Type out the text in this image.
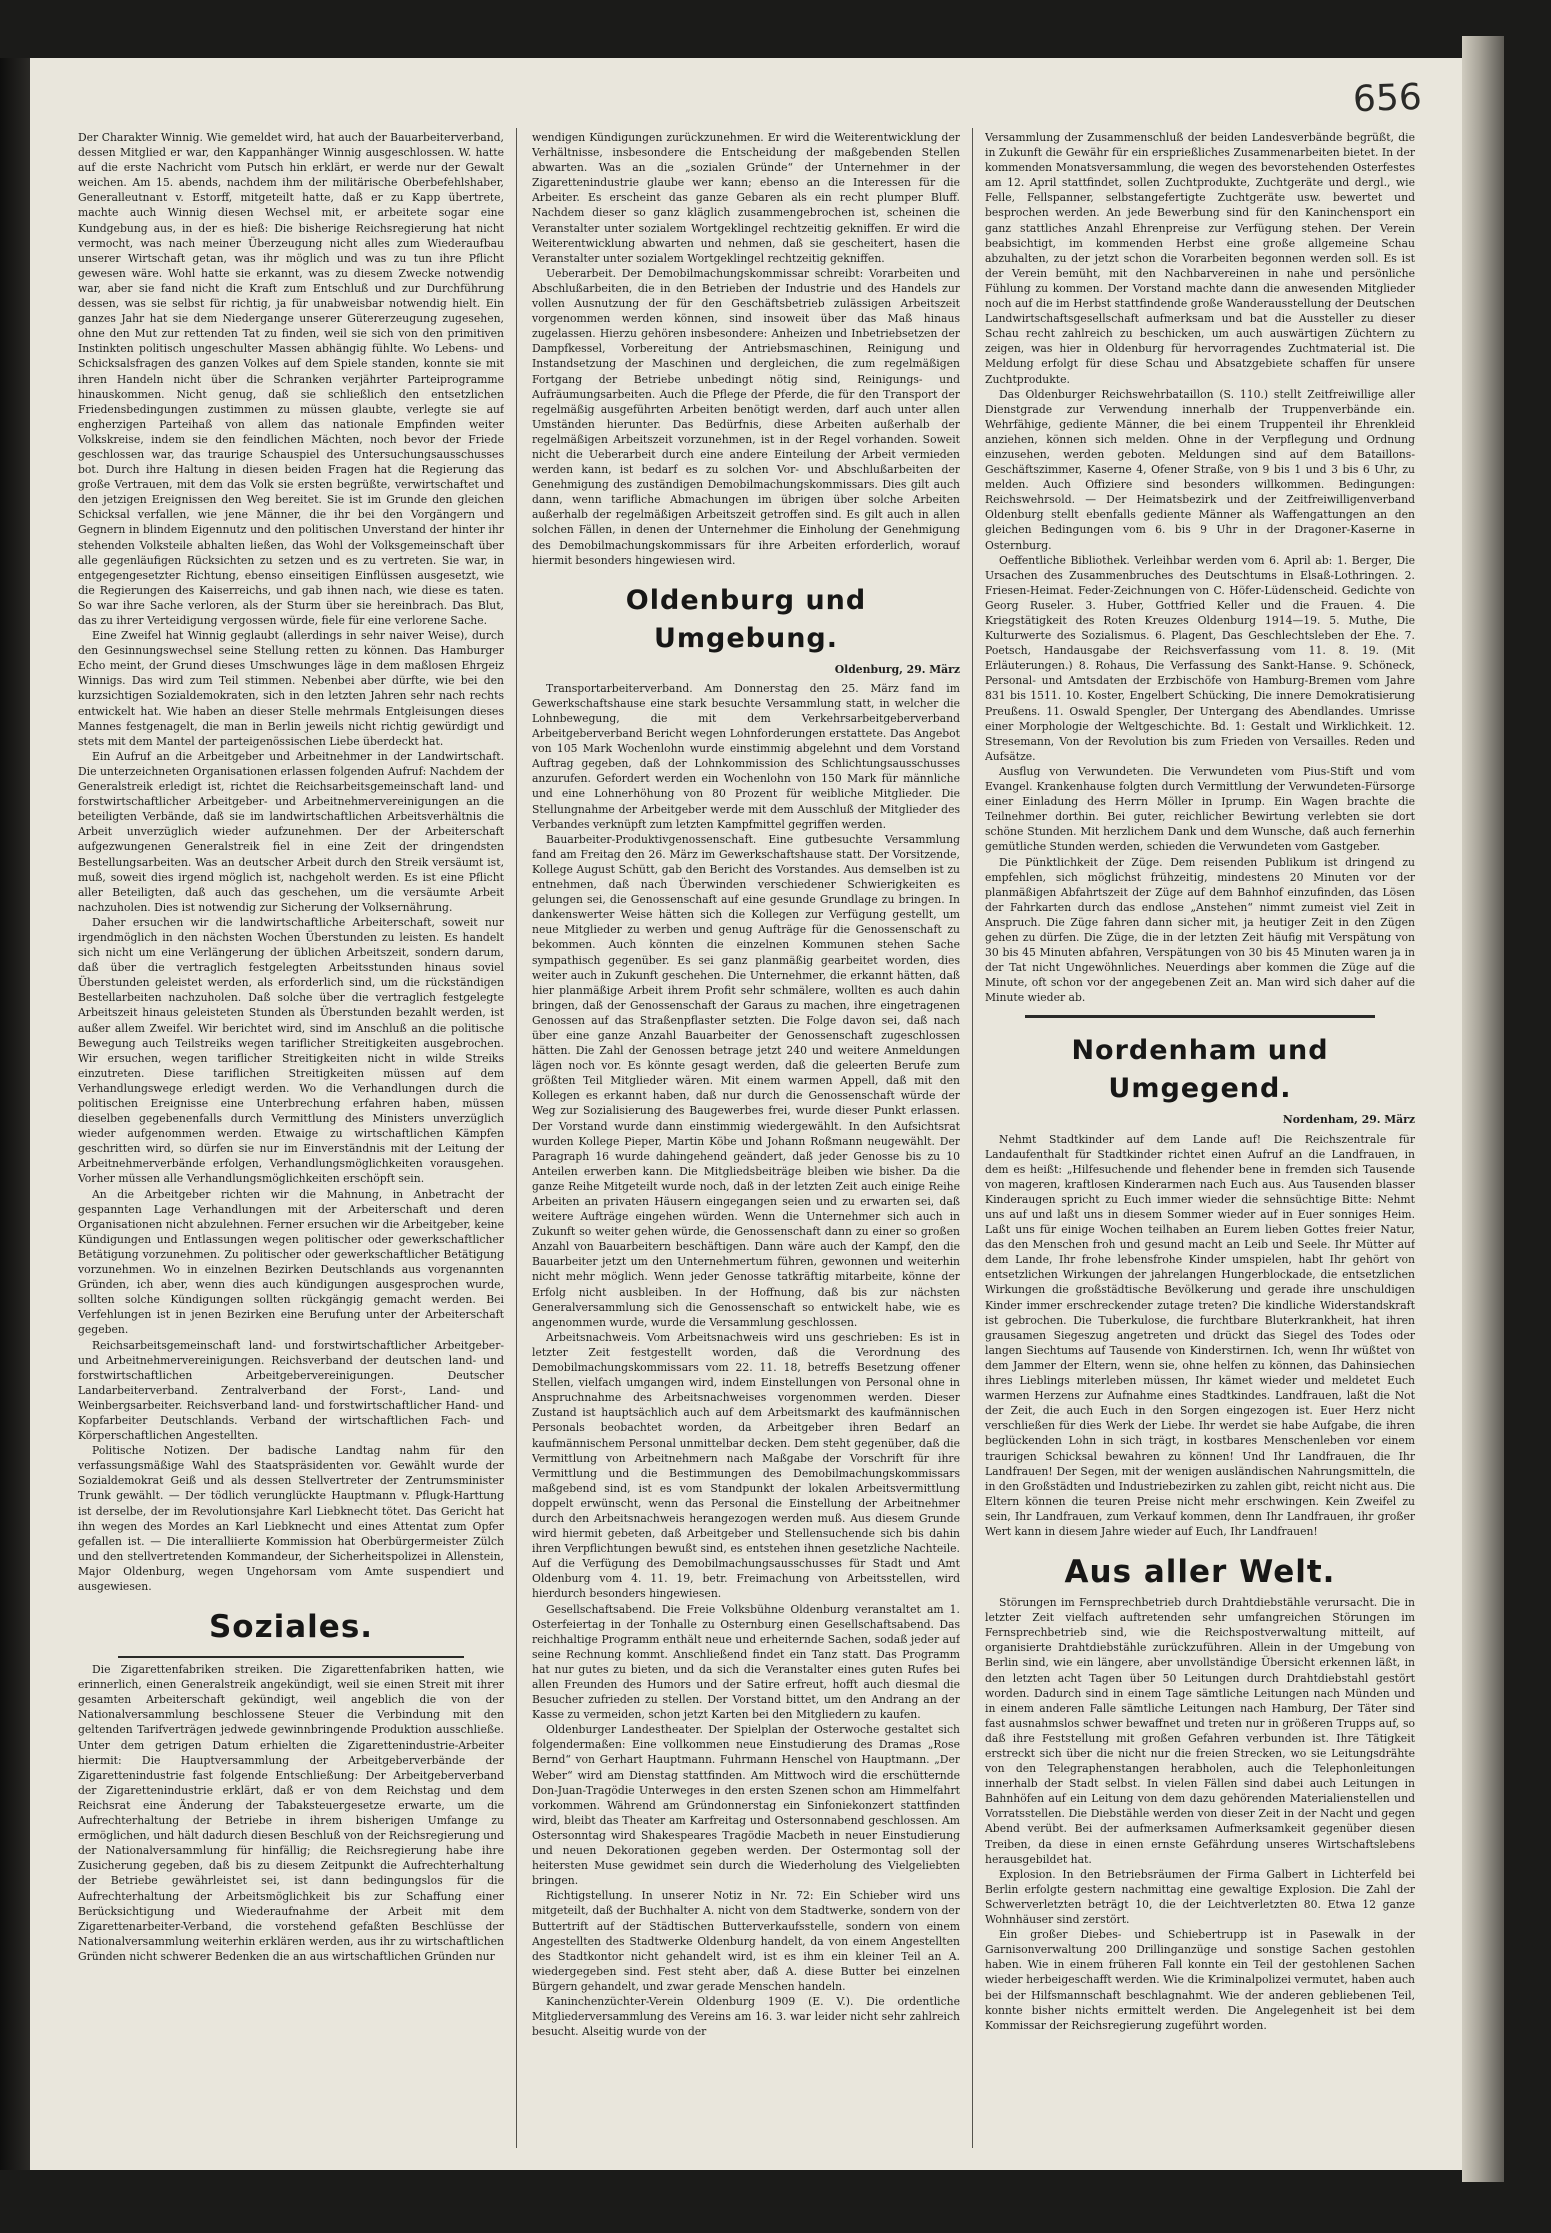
656

Der Charakter Winnig. Wie gemeldet wird, hat auch der Bauarbeiterverband, dessen Mitglied er war, den Kappanhänger Winnig ausgeschlossen. W. hatte auf die erste Nachricht vom Putsch hin erklärt, er werde nur der Gewalt weichen. Am 15. abends, nachdem ihm der militärische Oberbefehlshaber, Generalleutnant v. Estorff, mitgeteilt hatte, daß er zu Kapp übertrete, machte auch Winnig diesen Wechsel mit, er arbeitete sogar eine Kundgebung aus, in der es hieß: Die bisherige Reichsregierung hat nicht vermocht, was nach meiner Überzeugung nicht alles zum Wiederaufbau unserer Wirtschaft getan, was ihr möglich und was zu tun ihre Pflicht gewesen wäre. Wohl hatte sie erkannt, was zu diesem Zwecke notwendig war, aber sie fand nicht die Kraft zum Entschluß und zur Durchführung dessen, was sie selbst für richtig, ja für unabweisbar notwendig hielt. Ein ganzes Jahr hat sie dem Niedergange unserer Gütererzeugung zugesehen, ohne den Mut zur rettenden Tat zu finden, weil sie sich von den primitiven Instinkten politisch ungeschulter Massen abhängig fühlte. Wo Lebens- und Schicksalsfragen des ganzen Volkes auf dem Spiele standen, konnte sie mit ihren Handeln nicht über die Schranken verjährter Parteiprogramme hinauskommen. Nicht genug, daß sie schließlich den entsetzlichen Friedensbedingungen zustimmen zu müssen glaubte, verlegte sie auf engherzigen Parteihaß von allem das nationale Empfinden weiter Volkskreise, indem sie den feindlichen Mächten, noch bevor der Friede geschlossen war, das traurige Schauspiel des Untersuchungsausschusses bot. Durch ihre Haltung in diesen beiden Fragen hat die Regierung das große Vertrauen, mit dem das Volk sie ersten begrüßte, verwirtschaftet und den jetzigen Ereignissen den Weg bereitet. Sie ist im Grunde den gleichen Schicksal verfallen, wie jene Männer, die ihr bei den Vorgängern und Gegnern in blindem Eigennutz und den politischen Unverstand der hinter ihr stehenden Volksteile abhalten ließen, das Wohl der Volksgemeinschaft über alle gegenläufigen Rücksichten zu setzen und es zu vertreten. Sie war, in entgegengesetzter Richtung, ebenso einseitigen Einflüssen ausgesetzt, wie die Regierungen des Kaiserreichs, und gab ihnen nach, wie diese es taten. So war ihre Sache verloren, als der Sturm über sie hereinbrach. Das Blut, das zu ihrer Verteidigung vergossen würde, fiele für eine verlorene Sache.

Eine Zweifel hat Winnig geglaubt (allerdings in sehr naiver Weise), durch den Gesinnungswechsel seine Stellung retten zu können. Das Hamburger Echo meint, der Grund dieses Umschwunges läge in dem maßlosen Ehrgeiz Winnigs. Das wird zum Teil stimmen. Nebenbei aber dürfte, wie bei den kurzsichtigen Sozialdemokraten, sich in den letzten Jahren sehr nach rechts entwickelt hat. Wie haben an dieser Stelle mehrmals Entgleisungen dieses Mannes festgenagelt, die man in Berlin jeweils nicht richtig gewürdigt und stets mit dem Mantel der parteigenössischen Liebe überdeckt hat.

Ein Aufruf an die Arbeitgeber und Arbeitnehmer in der Landwirtschaft. Die unterzeichneten Organisationen erlassen folgenden Aufruf: Nachdem der Generalstreik erledigt ist, richtet die Reichsarbeitsgemeinschaft land- und forstwirtschaftlicher Arbeitgeber- und Arbeitnehmervereinigungen an die beteiligten Verbände, daß sie im landwirtschaftlichen Arbeitsverhältnis die Arbeit unverzüglich wieder aufzunehmen. Der der Arbeiterschaft aufgezwungenen Generalstreik fiel in eine Zeit der dringendsten Bestellungsarbeiten. Was an deutscher Arbeit durch den Streik versäumt ist, muß, soweit dies irgend möglich ist, nachgeholt werden. Es ist eine Pflicht aller Beteiligten, daß auch das geschehen, um die versäumte Arbeit nachzuholen. Dies ist notwendig zur Sicherung der Volksernährung.

Daher ersuchen wir die landwirtschaftliche Arbeiterschaft, soweit nur irgendmöglich in den nächsten Wochen Überstunden zu leisten. Es handelt sich nicht um eine Verlängerung der üblichen Arbeitszeit, sondern darum, daß über die vertraglich festgelegten Arbeitsstunden hinaus soviel Überstunden geleistet werden, als erforderlich sind, um die rückständigen Bestellarbeiten nachzuholen. Daß solche über die vertraglich festgelegte Arbeitszeit hinaus geleisteten Stunden als Überstunden bezahlt werden, ist außer allem Zweifel. Wir berichtet wird, sind im Anschluß an die politische Bewegung auch Teilstreiks wegen tariflicher Streitigkeiten ausgebrochen. Wir ersuchen, wegen tariflicher Streitigkeiten nicht in wilde Streiks einzutreten. Diese tariflichen Streitigkeiten müssen auf dem Verhandlungswege erledigt werden. Wo die Verhandlungen durch die politischen Ereignisse eine Unterbrechung erfahren haben, müssen dieselben gegebenenfalls durch Vermittlung des Ministers unverzüglich wieder aufgenommen werden. Etwaige zu wirtschaftlichen Kämpfen geschritten wird, so dürfen sie nur im Einverständnis mit der Leitung der Arbeitnehmerverbände erfolgen, Verhandlungsmöglichkeiten vorausgehen. Vorher müssen alle Verhandlungsmöglichkeiten erschöpft sein.

An die Arbeitgeber richten wir die Mahnung, in Anbetracht der gespannten Lage Verhandlungen mit der Arbeiterschaft und deren Organisationen nicht abzulehnen. Ferner ersuchen wir die Arbeitgeber, keine Kündigungen und Entlassungen wegen politischer oder gewerkschaftlicher Betätigung vorzunehmen. Zu politischer oder gewerkschaftlicher Betätigung vorzunehmen. Wo in einzelnen Bezirken Deutschlands aus vorgenannten Gründen, ich aber, wenn dies auch kündigungen ausgesprochen wurde, sollten solche Kündigungen sollten rückgängig gemacht werden. Bei Verfehlungen ist in jenen Bezirken eine Berufung unter der Arbeiterschaft gegeben.

Reichsarbeitsgemeinschaft land- und forstwirtschaftlicher Arbeitgeber- und Arbeitnehmervereinigungen. Reichsverband der deutschen land- und forstwirtschaftlichen Arbeitgebervereinigungen. Deutscher Landarbeiterverband. Zentralverband der Forst-, Land- und Weinbergsarbeiter. Reichsverband land- und forstwirtschaftlicher Hand- und Kopfarbeiter Deutschlands. Verband der wirtschaftlichen Fach- und Körperschaftlichen Angestellten.

Politische Notizen. Der badische Landtag nahm für den verfassungsmäßige Wahl des Staatspräsidenten vor. Gewählt wurde der Sozialdemokrat Geiß und als dessen Stellvertreter der Zentrumsminister Trunk gewählt. — Der tödlich verunglückte Hauptmann v. Pflugk-Harttung ist derselbe, der im Revolutionsjahre Karl Liebknecht tötet. Das Gericht hat ihn wegen des Mordes an Karl Liebknecht und eines Attentat zum Opfer gefallen ist. — Die interalliierte Kommission hat Oberbürgermeister Zülch und den stellvertretenden Kommandeur, der Sicherheitspolizei in Allenstein, Major Oldenburg, wegen Ungehorsam vom Amte suspendiert und ausgewiesen.

Soziales.

Die Zigarettenfabriken streiken. Die Zigarettenfabriken hatten, wie erinnerlich, einen Generalstreik angekündigt, weil sie einen Streit mit ihrer gesamten Arbeiterschaft gekündigt, weil angeblich die von der Nationalversammlung beschlossene Steuer die Verbindung mit den geltenden Tarifverträgen jedwede gewinnbringende Produktion ausschließe. Unter dem getrigen Datum erhielten die Zigarettenindustrie-Arbeiter hiermit: Die Hauptversammlung der Arbeitgeberverbände der Zigarettenindustrie fast folgende Entschließung: Der Arbeitgeberverband der Zigarettenindustrie erklärt, daß er von dem Reichstag und dem Reichsrat eine Änderung der Tabaksteuergesetze erwarte, um die Aufrechterhaltung der Betriebe in ihrem bisherigen Umfange zu ermöglichen, und hält dadurch diesen Beschluß von der Reichsregierung und der Nationalversammlung für hinfällig; die Reichsregierung habe ihre Zusicherung gegeben, daß bis zu diesem Zeitpunkt die Aufrechterhaltung der Betriebe gewährleistet sei, ist dann bedingungslos für die Aufrechterhaltung der Arbeitsmöglichkeit bis zur Schaffung einer Berücksichtigung und Wiederaufnahme der Arbeit mit dem Zigarettenarbeiter-Verband, die vorstehend gefaßten Beschlüsse der Nationalversammlung weiterhin erklären werden, aus ihr zu wirtschaftlichen Gründen nicht schwerer Bedenken die an aus wirtschaftlichen Gründen nur

wendigen Kündigungen zurückzunehmen. Er wird die Weiterentwicklung der Verhältnisse, insbesondere die Entscheidung der maßgebenden Stellen abwarten. Was an die „sozialen Gründe“ der Unternehmer in der Zigarettenindustrie glaube wer kann; ebenso an die Interessen für die Arbeiter. Es erscheint das ganze Gebaren als ein recht plumper Bluff. Nachdem dieser so ganz kläglich zusammengebrochen ist, scheinen die Veranstalter unter sozialem Wortgeklingel rechtzeitig gekniffen. Er wird die Weiterentwicklung abwarten und nehmen, daß sie gescheitert, hasen die Veranstalter unter sozialem Wortgeklingel rechtzeitig gekniffen.

Ueberarbeit. Der Demobilmachungskommissar schreibt: Vorarbeiten und Abschlußarbeiten, die in den Betrieben der Industrie und des Handels zur vollen Ausnutzung der für den Geschäftsbetrieb zulässigen Arbeitszeit vorgenommen werden können, sind insoweit über das Maß hinaus zugelassen. Hierzu gehören insbesondere: Anheizen und Inbetriebsetzen der Dampfkessel, Vorbereitung der Antriebsmaschinen, Reinigung und Instandsetzung der Maschinen und dergleichen, die zum regelmäßigen Fortgang der Betriebe unbedingt nötig sind, Reinigungs- und Aufräumungsarbeiten. Auch die Pflege der Pferde, die für den Transport der regelmäßig ausgeführten Arbeiten benötigt werden, darf auch unter allen Umständen hierunter. Das Bedürfnis, diese Arbeiten außerhalb der regelmäßigen Arbeitszeit vorzunehmen, ist in der Regel vorhanden. Soweit nicht die Ueberarbeit durch eine andere Einteilung der Arbeit vermieden werden kann, ist bedarf es zu solchen Vor- und Abschlußarbeiten der Genehmigung des zuständigen Demobilmachungskommissars. Dies gilt auch dann, wenn tarifliche Abmachungen im übrigen über solche Arbeiten außerhalb der regelmäßigen Arbeitszeit getroffen sind. Es gilt auch in allen solchen Fällen, in denen der Unternehmer die Einholung der Genehmigung des Demobilmachungskommissars für ihre Arbeiten erforderlich, worauf hiermit besonders hingewiesen wird.

Oldenburg und Umgebung.
Oldenburg, 29. März

Transportarbeiterverband. Am Donnerstag den 25. März fand im Gewerkschaftshause eine stark besuchte Versammlung statt, in welcher die Lohnbewegung, die mit dem Verkehrsarbeitgeberverband Arbeitgeberverband Bericht wegen Lohnforderungen erstattete. Das Angebot von 105 Mark Wochenlohn wurde einstimmig abgelehnt und dem Vorstand Auftrag gegeben, daß der Lohnkommission des Schlichtungsausschusses anzurufen. Gefordert werden ein Wochenlohn von 150 Mark für männliche und eine Lohnerhöhung von 80 Prozent für weibliche Mitglieder. Die Stellungnahme der Arbeitgeber werde mit dem Ausschluß der Mitglieder des Verbandes verknüpft zum letzten Kampfmittel gegriffen werden.

Bauarbeiter-Produktivgenossenschaft. Eine gutbesuchte Versammlung fand am Freitag den 26. März im Gewerkschaftshause statt. Der Vorsitzende, Kollege August Schütt, gab den Bericht des Vorstandes. Aus demselben ist zu entnehmen, daß nach Überwinden verschiedener Schwierigkeiten es gelungen sei, die Genossenschaft auf eine gesunde Grundlage zu bringen. In dankenswerter Weise hätten sich die Kollegen zur Verfügung gestellt, um neue Mitglieder zu werben und genug Aufträge für die Genossenschaft zu bekommen. Auch könnten die einzelnen Kommunen stehen Sache sympathisch gegenüber. Es sei ganz planmäßig gearbeitet worden, dies weiter auch in Zukunft geschehen. Die Unternehmer, die erkannt hätten, daß hier planmäßige Arbeit ihrem Profit sehr schmälere, wollten es auch dahin bringen, daß der Genossenschaft der Garaus zu machen, ihre eingetragenen Genossen auf das Straßenpflaster setzten. Die Folge davon sei, daß nach über eine ganze Anzahl Bauarbeiter der Genossenschaft zugeschlossen hätten. Die Zahl der Genossen betrage jetzt 240 und weitere Anmeldungen lägen noch vor. Es könnte gesagt werden, daß die geleerten Berufe zum größten Teil Mitglieder wären. Mit einem warmen Appell, daß mit den Kollegen es erkannt haben, daß nur durch die Genossenschaft würde der Weg zur Sozialisierung des Baugewerbes frei, wurde dieser Punkt erlassen. Der Vorstand wurde dann einstimmig wiedergewählt. In den Aufsichtsrat wurden Kollege Pieper, Martin Köbe und Johann Roßmann neugewählt. Der Paragraph 16 wurde dahingehend geändert, daß jeder Genosse bis zu 10 Anteilen erwerben kann. Die Mitgliedsbeiträge bleiben wie bisher. Da die ganze Reihe Mitgeteilt wurde noch, daß in der letzten Zeit auch einige Reihe Arbeiten an privaten Häusern eingegangen seien und zu erwarten sei, daß weitere Aufträge eingehen würden. Wenn die Unternehmer sich auch in Zukunft so weiter gehen würde, die Genossenschaft dann zu einer so großen Anzahl von Bauarbeitern beschäftigen. Dann wäre auch der Kampf, den die Bauarbeiter jetzt um den Unternehmertum führen, gewonnen und weiterhin nicht mehr möglich. Wenn jeder Genosse tatkräftig mitarbeite, könne der Erfolg nicht ausbleiben. In der Hoffnung, daß bis zur nächsten Generalversammlung sich die Genossenschaft so entwickelt habe, wie es angenommen wurde, wurde die Versammlung geschlossen.

Arbeitsnachweis. Vom Arbeitsnachweis wird uns geschrieben: Es ist in letzter Zeit festgestellt worden, daß die Verordnung des Demobilmachungskommissars vom 22. 11. 18, betreffs Besetzung offener Stellen, vielfach umgangen wird, indem Einstellungen von Personal ohne in Anspruchnahme des Arbeitsnachweises vorgenommen werden. Dieser Zustand ist hauptsächlich auch auf dem Arbeitsmarkt des kaufmännischen Personals beobachtet worden, da Arbeitgeber ihren Bedarf an kaufmännischem Personal unmittelbar decken. Dem steht gegenüber, daß die Vermittlung von Arbeitnehmern nach Maßgabe der Vorschrift für ihre Vermittlung und die Bestimmungen des Demobilmachungskommissars maßgebend sind, ist es vom Standpunkt der lokalen Arbeitsvermittlung doppelt erwünscht, wenn das Personal die Einstellung der Arbeitnehmer durch den Arbeitsnachweis herangezogen werden muß. Aus diesem Grunde wird hiermit gebeten, daß Arbeitgeber und Stellensuchende sich bis dahin ihren Verpflichtungen bewußt sind, es entstehen ihnen gesetzliche Nachteile. Auf die Verfügung des Demobilmachungsausschusses für Stadt und Amt Oldenburg vom 4. 11. 19, betr. Freimachung von Arbeitsstellen, wird hierdurch besonders hingewiesen.

Gesellschaftsabend. Die Freie Volksbühne Oldenburg veranstaltet am 1. Osterfeiertag in der Tonhalle zu Osternburg einen Gesellschaftsabend. Das reichhaltige Programm enthält neue und erheiternde Sachen, sodaß jeder auf seine Rechnung kommt. Anschließend findet ein Tanz statt. Das Programm hat nur gutes zu bieten, und da sich die Veranstalter eines guten Rufes bei allen Freunden des Humors und der Satire erfreut, hofft auch diesmal die Besucher zufrieden zu stellen. Der Vorstand bittet, um den Andrang an der Kasse zu vermeiden, schon jetzt Karten bei den Mitgliedern zu kaufen.

Oldenburger Landestheater. Der Spielplan der Osterwoche gestaltet sich folgendermaßen: Eine vollkommen neue Einstudierung des Dramas „Rose Bernd“ von Gerhart Hauptmann. Fuhrmann Henschel von Hauptmann. „Der Weber“ wird am Dienstag stattfinden. Am Mittwoch wird die erschütternde Don-Juan-Tragödie Unterweges in den ersten Szenen schon am Himmelfahrt vorkommen. Während am Gründonnerstag ein Sinfoniekonzert stattfinden wird, bleibt das Theater am Karfreitag und Ostersonnabend geschlossen. Am Ostersonntag wird Shakespeares Tragödie Macbeth in neuer Einstudierung und neuen Dekorationen gegeben werden. Der Ostermontag soll der heitersten Muse gewidmet sein durch die Wiederholung des Vielgeliebten bringen.

Richtigstellung. In unserer Notiz in Nr. 72: Ein Schieber wird uns mitgeteilt, daß der Buchhalter A. nicht von dem Stadtwerke, sondern von der Buttertrift auf der Städtischen Butterverkaufsstelle, sondern von einem Angestellten des Stadtwerke Oldenburg handelt, da von einem Angestellten des Stadtkontor nicht gehandelt wird, ist es ihm ein kleiner Teil an A. wiedergegeben sind. Fest steht aber, daß A. diese Butter bei einzelnen Bürgern gehandelt, und zwar gerade Menschen handeln.

Kaninchenzüchter-Verein Oldenburg 1909 (E. V.). Die ordentliche Mitgliederversammlung des Vereins am 16. 3. war leider nicht sehr zahlreich besucht. Alseitig wurde von der

Versammlung der Zusammenschluß der beiden Landesverbände begrüßt, die in Zukunft die Gewähr für ein ersprießliches Zusammenarbeiten bietet. In der kommenden Monatsversammlung, die wegen des bevorstehenden Osterfestes am 12. April stattfindet, sollen Zuchtprodukte, Zuchtgeräte und dergl., wie Felle, Fellspanner, selbstangefertigte Zuchtgeräte usw. bewertet und besprochen werden. An jede Bewerbung sind für den Kaninchensport ein ganz stattliches Anzahl Ehrenpreise zur Verfügung stehen. Der Verein beabsichtigt, im kommenden Herbst eine große allgemeine Schau abzuhalten, zu der jetzt schon die Vorarbeiten begonnen werden soll. Es ist der Verein bemüht, mit den Nachbarvereinen in nahe und persönliche Fühlung zu kommen. Der Vorstand machte dann die anwesenden Mitglieder noch auf die im Herbst stattfindende große Wanderausstellung der Deutschen Landwirtschaftsgesellschaft aufmerksam und bat die Aussteller zu dieser Schau recht zahlreich zu beschicken, um auch auswärtigen Züchtern zu zeigen, was hier in Oldenburg für hervorragendes Zuchtmaterial ist. Die Meldung erfolgt für diese Schau und Absatzgebiete schaffen für unsere Zuchtprodukte.

Das Oldenburger Reichswehrbataillon (S. 110.) stellt Zeitfreiwillige aller Dienstgrade zur Verwendung innerhalb der Truppenverbände ein. Wehrfähige, gediente Männer, die bei einem Truppenteil ihr Ehrenkleid anziehen, können sich melden. Ohne in der Verpflegung und Ordnung einzusehen, werden geboten. Meldungen sind auf dem Bataillons-Geschäftszimmer, Kaserne 4, Ofener Straße, von 9 bis 1 und 3 bis 6 Uhr, zu melden. Auch Offiziere sind besonders willkommen. Bedingungen: Reichswehrsold. — Der Heimatsbezirk und der Zeitfreiwilligenverband Oldenburg stellt ebenfalls gediente Männer als Waffengattungen an den gleichen Bedingungen vom 6. bis 9 Uhr in der Dragoner-Kaserne in Osternburg.

Oeffentliche Bibliothek. Verleihbar werden vom 6. April ab: 1. Berger, Die Ursachen des Zusammenbruches des Deutschtums in Elsaß-Lothringen. 2. Friesen-Heimat. Feder-Zeichnungen von C. Höfer-Lüdenscheid. Gedichte von Georg Ruseler. 3. Huber, Gottfried Keller und die Frauen. 4. Die Kriegstätigkeit des Roten Kreuzes Oldenburg 1914—19. 5. Muthe, Die Kulturwerte des Sozialismus. 6. Plagent, Das Geschlechtsleben der Ehe. 7. Poetsch, Handausgabe der Reichsverfassung vom 11. 8. 19. (Mit Erläuterungen.) 8. Rohaus, Die Verfassung des Sankt-Hanse. 9. Schöneck, Personal- und Amtsdaten der Erzbischöfe von Hamburg-Bremen vom Jahre 831 bis 1511. 10. Koster, Engelbert Schücking, Die innere Demokratisierung Preußens. 11. Oswald Spengler, Der Untergang des Abendlandes. Umrisse einer Morphologie der Weltgeschichte. Bd. 1: Gestalt und Wirklichkeit. 12. Stresemann, Von der Revolution bis zum Frieden von Versailles. Reden und Aufsätze.

Ausflug von Verwundeten. Die Verwundeten vom Pius-Stift und vom Evangel. Krankenhause folgten durch Vermittlung der Verwundeten-Fürsorge einer Einladung des Herrn Möller in Iprump. Ein Wagen brachte die Teilnehmer dorthin. Bei guter, reichlicher Bewirtung verlebten sie dort schöne Stunden. Mit herzlichem Dank und dem Wunsche, daß auch fernerhin gemütliche Stunden werden, schieden die Verwundeten vom Gastgeber.

Die Pünktlichkeit der Züge. Dem reisenden Publikum ist dringend zu empfehlen, sich möglichst frühzeitig, mindestens 20 Minuten vor der planmäßigen Abfahrtszeit der Züge auf dem Bahnhof einzufinden, das Lösen der Fahrkarten durch das endlose „Anstehen“ nimmt zumeist viel Zeit in Anspruch. Die Züge fahren dann sicher mit, ja heutiger Zeit in den Zügen gehen zu dürfen. Die Züge, die in der letzten Zeit häufig mit Verspätung von 30 bis 45 Minuten abfahren, Verspätungen von 30 bis 45 Minuten waren ja in der Tat nicht Ungewöhnliches. Neuerdings aber kommen die Züge auf die Minute, oft schon vor der angegebenen Zeit an. Man wird sich daher auf die Minute wieder ab.

Nordenham und Umgegend.
Nordenham, 29. März

Nehmt Stadtkinder auf dem Lande auf! Die Reichszentrale für Landaufenthalt für Stadtkinder richtet einen Aufruf an die Landfrauen, in dem es heißt: „Hilfesuchende und flehender bene in fremden sich Tausende von mageren, kraftlosen Kinderarmen nach Euch aus. Aus Tausenden blasser Kinderaugen spricht zu Euch immer wieder die sehnsüchtige Bitte: Nehmt uns auf und laßt uns in diesem Sommer wieder auf in Euer sonniges Heim. Laßt uns für einige Wochen teilhaben an Eurem lieben Gottes freier Natur, das den Menschen froh und gesund macht an Leib und Seele. Ihr Mütter auf dem Lande, Ihr frohe lebensfrohe Kinder umspielen, habt Ihr gehört von entsetzlichen Wirkungen der jahrelangen Hungerblockade, die entsetzlichen Wirkungen die großstädtische Bevölkerung und gerade ihre unschuldigen Kinder immer erschreckender zutage treten? Die kindliche Widerstandskraft ist gebrochen. Die Tuberkulose, die furchtbare Bluterkrankheit, hat ihren grausamen Siegeszug angetreten und drückt das Siegel des Todes oder langen Siechtums auf Tausende von Kinderstirnen. Ich, wenn Ihr wüßtet von dem Jammer der Eltern, wenn sie, ohne helfen zu können, das Dahinsiechen ihres Lieblings miterleben müssen, Ihr kämet wieder und meldetet Euch warmen Herzens zur Aufnahme eines Stadtkindes. Landfrauen, laßt die Not der Zeit, die auch Euch in den Sorgen eingezogen ist. Euer Herz nicht verschließen für dies Werk der Liebe. Ihr werdet sie habe Aufgabe, die ihren beglückenden Lohn in sich trägt, in kostbares Menschenleben vor einem traurigen Schicksal bewahren zu können! Und Ihr Landfrauen, die Ihr Landfrauen! Der Segen, mit der wenigen ausländischen Nahrungsmitteln, die in den Großstädten und Industriebezirken zu zahlen gibt, reicht nicht aus. Die Eltern können die teuren Preise nicht mehr erschwingen. Kein Zweifel zu sein, Ihr Landfrauen, zum Verkauf kommen, denn Ihr Landfrauen, ihr großer Wert kann in diesem Jahre wieder auf Euch, Ihr Landfrauen!

Aus aller Welt.

Störungen im Fernsprechbetrieb durch Drahtdiebstähle verursacht. Die in letzter Zeit vielfach auftretenden sehr umfangreichen Störungen im Fernsprechbetrieb sind, wie die Reichspostverwaltung mitteilt, auf organisierte Drahtdiebstähle zurückzuführen. Allein in der Umgebung von Berlin sind, wie ein längere, aber unvollständige Übersicht erkennen läßt, in den letzten acht Tagen über 50 Leitungen durch Drahtdiebstahl gestört worden. Dadurch sind in einem Tage sämtliche Leitungen nach Münden und in einem anderen Falle sämtliche Leitungen nach Hamburg, Der Täter sind fast ausnahmslos schwer bewaffnet und treten nur in größeren Trupps auf, so daß ihre Feststellung mit großen Gefahren verbunden ist. Ihre Tätigkeit erstreckt sich über die nicht nur die freien Strecken, wo sie Leitungsdrähte von den Telegraphenstangen herabholen, auch die Telephonleitungen innerhalb der Stadt selbst. In vielen Fällen sind dabei auch Leitungen in Bahnhöfen auf ein Leitung von dem dazu gehörenden Materialienstellen und Vorratsstellen. Die Diebstähle werden von dieser Zeit in der Nacht und gegen Abend verübt. Bei der aufmerksamen Aufmerksamkeit gegenüber diesen Treiben, da diese in einen ernste Gefährdung unseres Wirtschaftslebens herausgebildet hat.

Explosion. In den Betriebsräumen der Firma Galbert in Lichterfeld bei Berlin erfolgte gestern nachmittag eine gewaltige Explosion. Die Zahl der Schwerverletzten beträgt 10, die der Leichtverletzten 80. Etwa 12 ganze Wohnhäuser sind zerstört.

Ein großer Diebes- und Schiebertrupp ist in Pasewalk in der Garnisonverwaltung 200 Drillinganzüge und sonstige Sachen gestohlen haben. Wie in einem früheren Fall konnte ein Teil der gestohlenen Sachen wieder herbeigeschafft werden. Wie die Kriminalpolizei vermutet, haben auch bei der Hilfsmannschaft beschlagnahmt. Wie der anderen gebliebenen Teil, konnte bisher nichts ermittelt werden. Die Angelegenheit ist bei dem Kommissar der Reichsregierung zugeführt worden.
